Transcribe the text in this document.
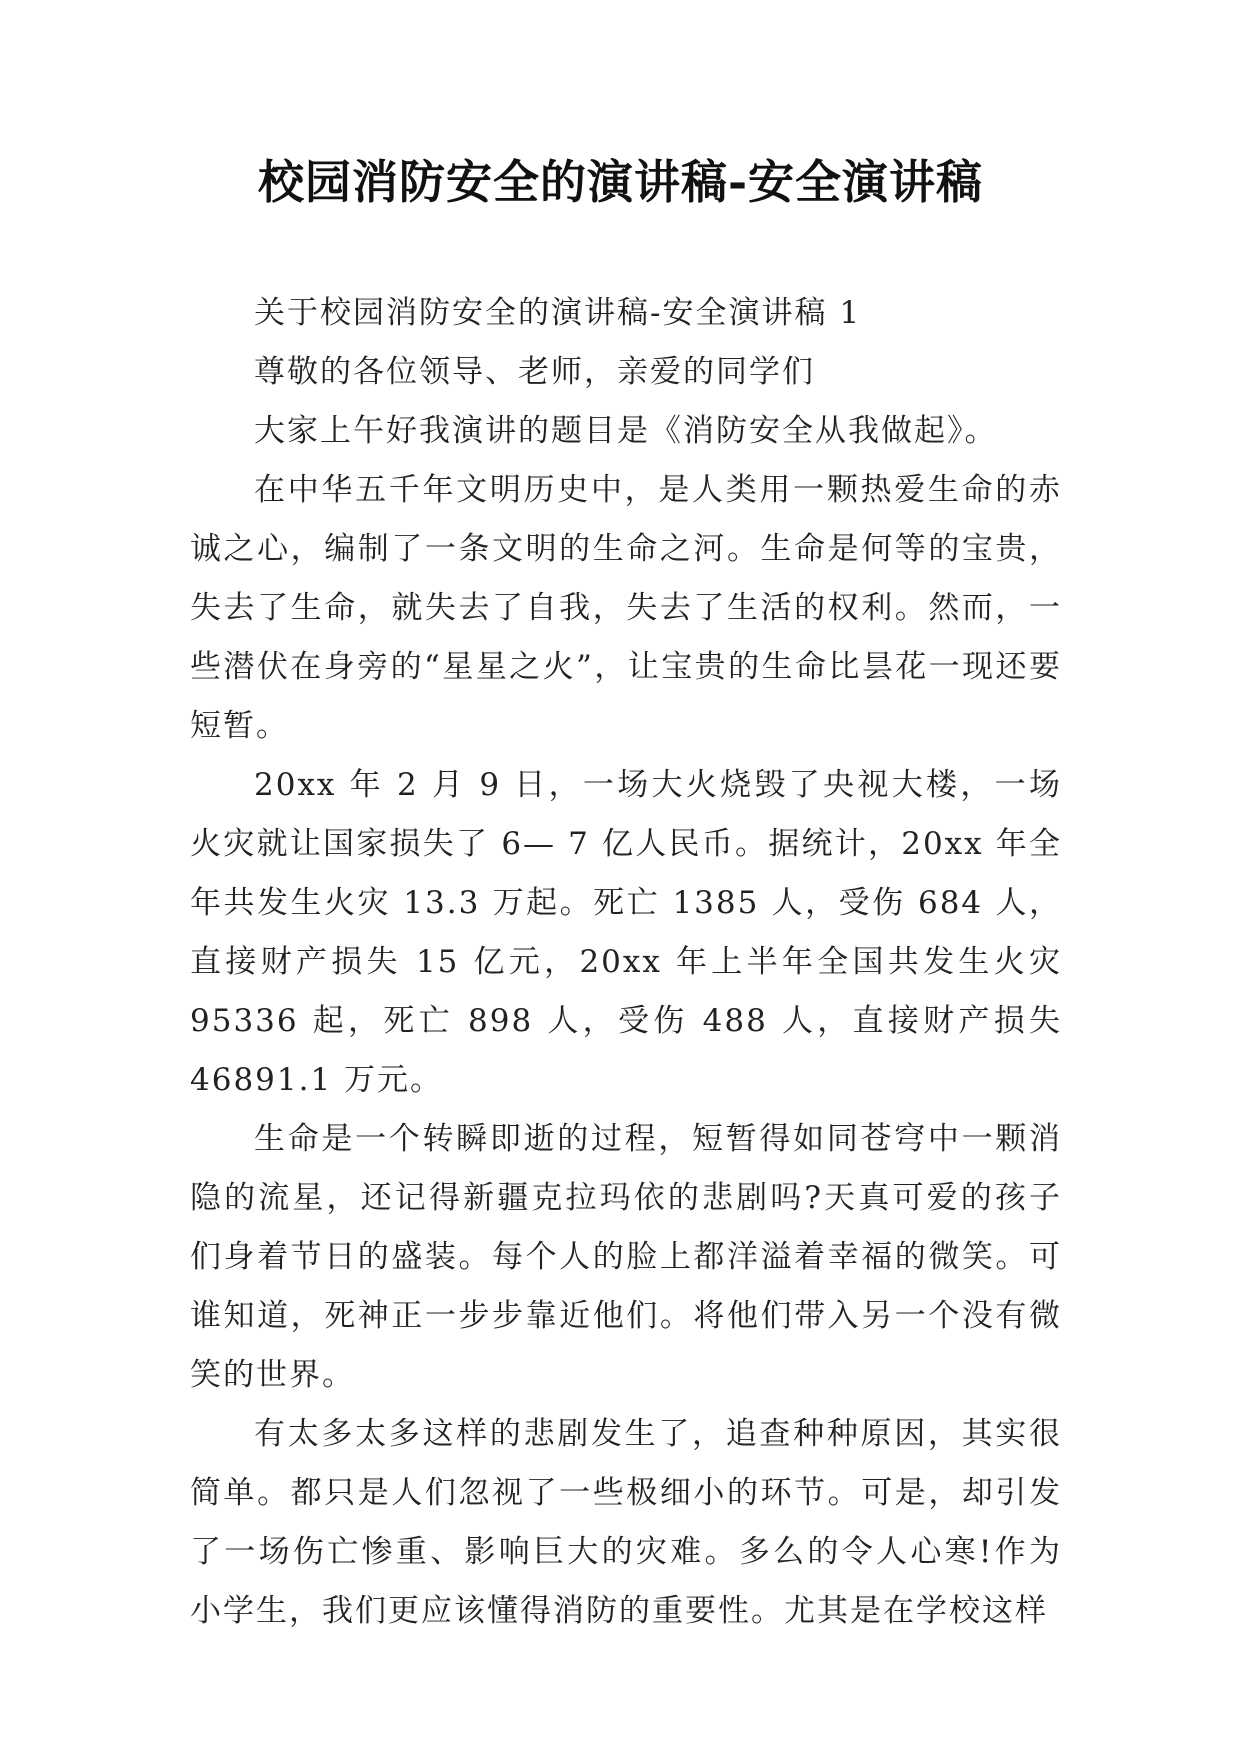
校园消防安全的演讲稿-安全演讲稿

关于校园消防安全的演讲稿-安全演讲稿 1

尊敬的各位领导、老师，亲爱的同学们

大家上午好我演讲的题目是《消防安全从我做起》。

在中华五千年文明历史中，是人类用一颗热爱生命的赤诚之心，编制了一条文明的生命之河。生命是何等的宝贵，失去了生命，就失去了自我，失去了生活的权利。然而，一些潜伏在身旁的“星星之火”，让宝贵的生命比昙花一现还要短暂。

20xx 年 2 月 9 日，一场大火烧毁了央视大楼，一场火灾就让国家损失了 6— 7 亿人民币。据统计，20xx 年全年共发生火灾 13.3 万起。死亡 1385 人，受伤 684 人，直接财产损失 15 亿元，20xx 年上半年全国共发生火灾 95336 起，死亡 898 人，受伤 488 人，直接财产损失 46891.1 万元。

生命是一个转瞬即逝的过程，短暂得如同苍穹中一颗消隐的流星，还记得新疆克拉玛依的悲剧吗?天真可爱的孩子们身着节日的盛装。每个人的脸上都洋溢着幸福的微笑。可谁知道，死神正一步步靠近他们。将他们带入另一个没有微笑的世界。

有太多太多这样的悲剧发生了，追查种种原因，其实很简单。都只是人们忽视了一些极细小的环节。可是，却引发了一场伤亡惨重、影响巨大的灾难。多么的令人心寒!作为小学生，我们更应该懂得消防的重要性。尤其是在学校这样
